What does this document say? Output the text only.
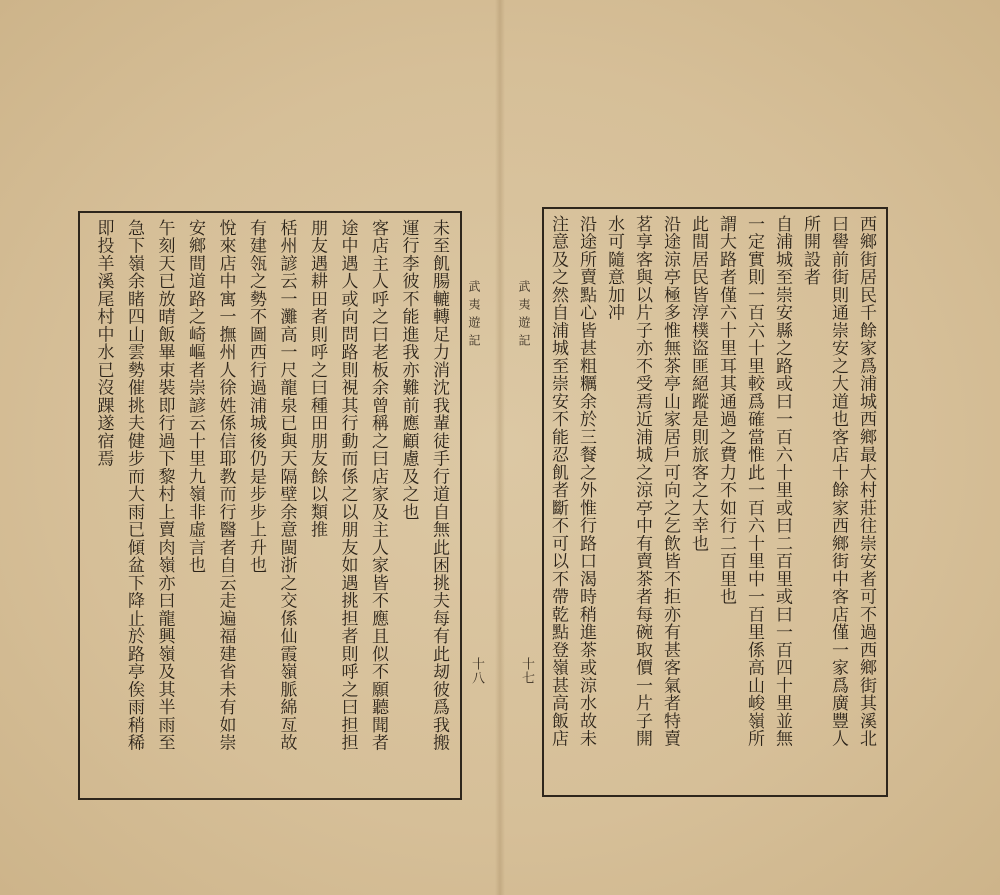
西鄉街居民千餘家爲浦城西鄉最大村莊往崇安者可不過西鄉街其溪北
曰嚳前街則通崇安之大道也客店十餘家西鄉街中客店僅一家爲廣豐人
所開設者
自浦城至崇安縣之路或曰一百六十里或曰二百里或曰一百四十里並無
一定實則一百六十里較爲確當惟此一百六十里中一百里係高山峻嶺所
謂大路者僅六十里耳其通過之費力不如行二百里也
此間居民皆淳樸盜匪絕蹤是則旅客之大幸也
沿途涼亭極多惟無茶亭山家居戶可向之乞飲皆不拒亦有甚客氣者特賣
茗享客與以片子亦不受焉近浦城之涼亭中有賣茶者每碗取價一片子開
水可隨意加冲
沿途所賣點心皆甚粗糲余於三餐之外惟行路口渴時稍進茶或涼水故未
注意及之然自浦城至崇安不能忍飢者斷不可以不帶乾點登嶺甚高飯店
武夷遊記
十七
武夷遊記
十八
未至飢腸轆轉足力消沈我輩徒手行道自無此困挑夫每有此刼彼爲我搬
運行李彼不能進我亦難前應顧慮及之也
客店主人呼之曰老板余曾稱之曰店家及主人家皆不應且似不願聽聞者
途中遇人或向問路則視其行動而係之以朋友如遇挑担者則呼之曰担担
朋友遇耕田者則呼之曰種田朋友餘以類推
栝州諺云一灘高一尺龍泉已與天隔壁余意閩浙之交係仙霞嶺脈綿亙故
有建瓴之勢不圖西行過浦城後仍是步步上升也
悅來店中寓一撫州人徐姓係信耶教而行醫者自云走遍福建省未有如崇
安鄉間道路之崎嶇者崇諺云十里九嶺非虛言也
午刻天已放晴飯畢束裝即行過下黎村上賣肉嶺亦曰龍興嶺及其半雨至
急下嶺余睹四山雲勢催挑夫健步而大雨已傾盆下降止於路亭俟雨稍稀
即投羊溪尾村中水已沒踝遂宿焉
